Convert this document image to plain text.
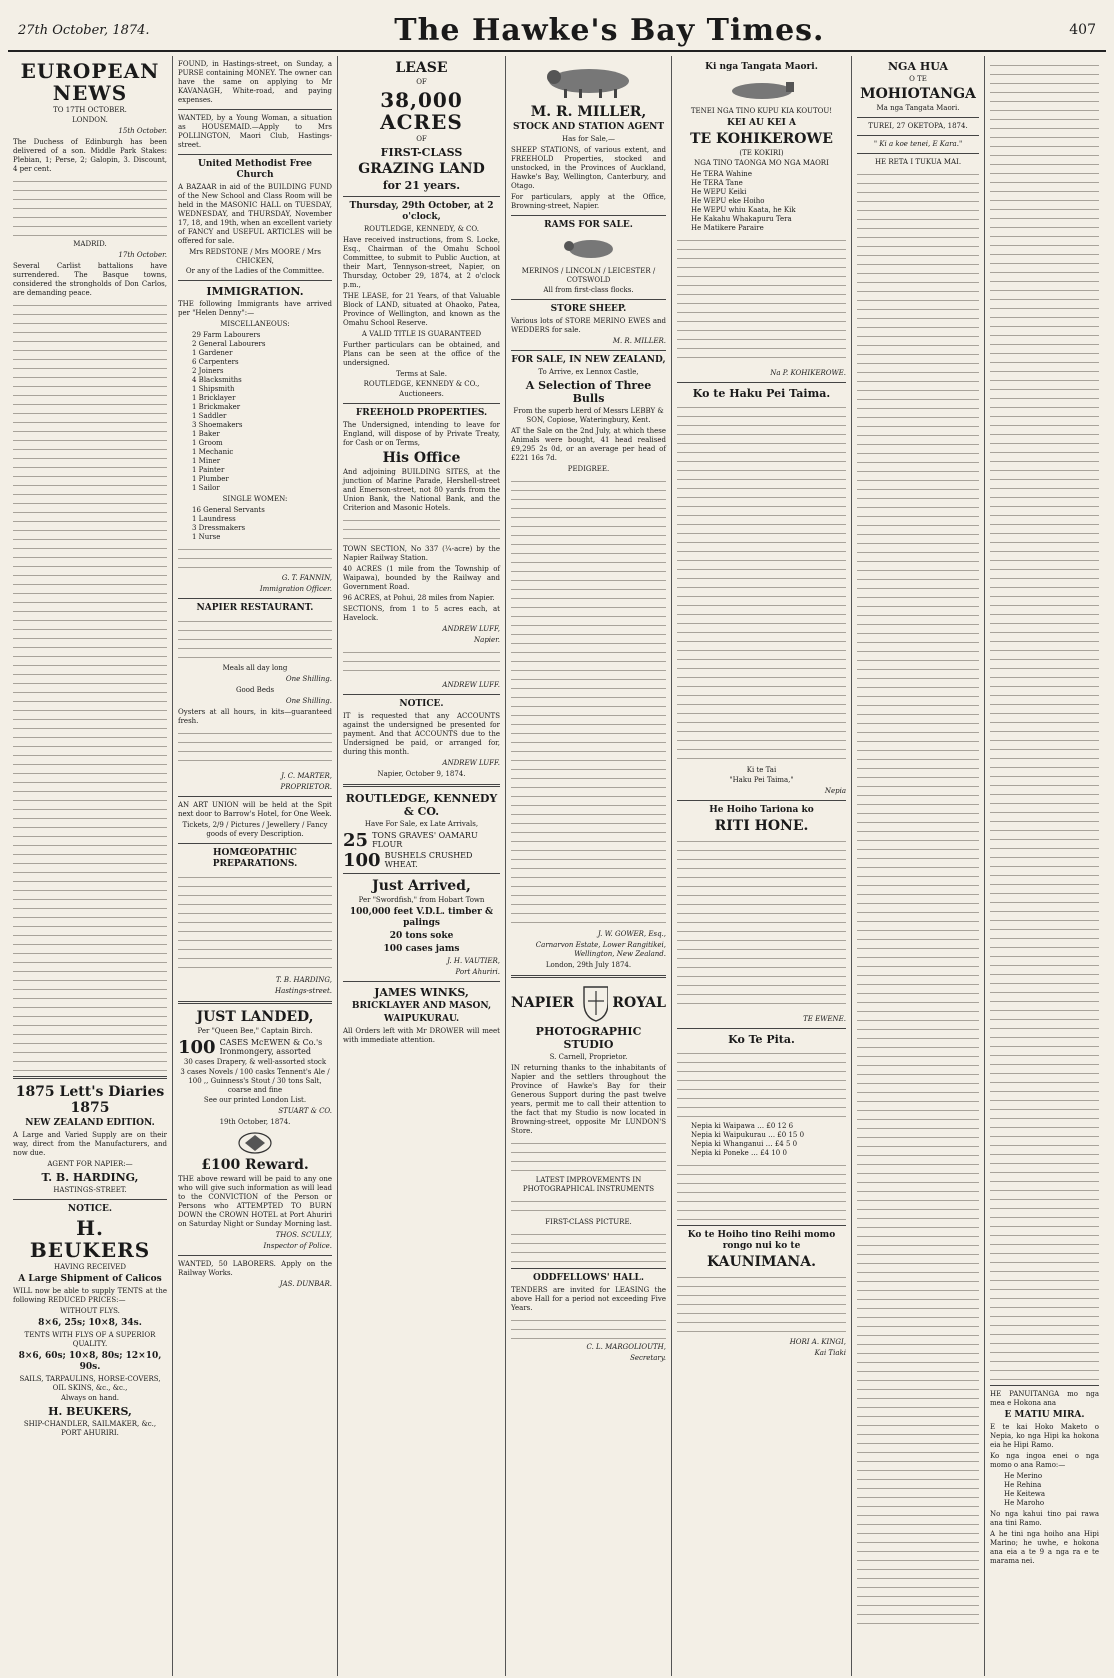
27th October, 1874.	The Hawke's Bay Times.	407
EUROPEAN NEWS
TO 17TH OCTOBER.
LONDON.
15th October.
The Duchess of Edinburgh has been delivered of a son. Middle Park Stakes: Plebian, 1; Perse, 2; Galopin, 3. Discount, 4 per cent.
MADRID.
17th October.
Several Carlist battalions have surrendered. The Basque towns, considered the strongholds of Don Carlos, are demanding peace.
1875 Lett's Diaries 1875
NEW ZEALAND EDITION.
A Large and Varied Supply are on their way, direct from the Manufacturers, and now due.
AGENT FOR NAPIER:—
T. B. HARDING,
HASTINGS-STREET.
NOTICE.
H. BEUKERS
HAVING RECEIVED
A Large Shipment of Calicos
WILL now be able to supply TENTS at the following REDUCED PRICES:—
WITHOUT FLYS.
8×6, 25s; 10×8, 34s.
TENTS WITH FLYS OF A SUPERIOR QUALITY.
8×6, 60s; 10×8, 80s; 12×10, 90s.
SAILS, TARPAULINS, HORSE-COVERS, OIL SKINS, &c., &c.,
Always on hand.
H. BEUKERS,
SHIP-CHANDLER, SAILMAKER, &c., PORT AHURIRI.
FOUND, in Hastings-street, on Sunday, a PURSE containing MONEY. The owner can have the same on applying to Mr KAVANAGH, White-road, and paying expenses.
WANTED, by a Young Woman, a situation as HOUSEMAID.—Apply to Mrs POLLINGTON, Maori Club, Hastings-street.
United Methodist Free Church
A BAZAAR in aid of the BUILDING FUND of the New School and Class Room will be held in the MASONIC HALL on TUESDAY, WEDNESDAY, and THURSDAY, November 17, 18, and 19th, when an excellent variety of FANCY and USEFUL ARTICLES will be offered for sale.
Mrs REDSTONE / Mrs MOORE / Mrs CHICKEN,
Or any of the Ladies of the Committee.
IMMIGRATION.
THE following Immigrants have arrived per "Helen Denny":—
MISCELLANEOUS:
29 Farm Labourers
2 General Labourers
1 Gardener
6 Carpenters
2 Joiners
4 Blacksmiths
1 Shipsmith
1 Bricklayer
1 Brickmaker
1 Saddler
3 Shoemakers
1 Baker
1 Groom
1 Mechanic
1 Miner
1 Painter
1 Plumber
1 Sailor
SINGLE WOMEN:
16 General Servants
1 Laundress
3 Dressmakers
1 Nurse
G. T. FANNIN,
Immigration Officer.
NAPIER RESTAURANT.
Meals all day long
One Shilling.
Good Beds
One Shilling.
Oysters at all hours, in kits—guaranteed fresh.
J. C. MARTER,
PROPRIETOR.
AN ART UNION will be held at the Spit next door to Barrow's Hotel, for One Week.
Tickets, 2/9 / Pictures / Jewellery / Fancy goods of every Description.
HOMŒOPATHIC PREPARATIONS.
T. B. HARDING,
Hastings-street.
JUST LANDED,
Per "Queen Bee," Captain Birch.
100 CASES McEWEN & Co.'s Ironmongery, assorted
30 cases Drapery, & well-assorted stock
3 cases Novels / 100 casks Tennent's Ale / 100 ,, Guinness's Stout / 30 tons Salt, coarse and fine
See our printed London List.
STUART & CO.
19th October, 1874.
£100 Reward.
THE above reward will be paid to any one who will give such information as will lead to the CONVICTION of the Person or Persons who ATTEMPTED TO BURN DOWN the CROWN HOTEL at Port Ahuriri on Saturday Night or Sunday Morning last.
THOS. SCULLY,
Inspector of Police.
WANTED, 50 LABORERS. Apply on the Railway Works.
JAS. DUNBAR.
LEASE
OF
38,000 ACRES
OF
FIRST-CLASS
GRAZING LAND
for 21 years.
Thursday, 29th October, at 2 o'clock,
ROUTLEDGE, KENNEDY, & CO.
Have received instructions, from S. Locke, Esq., Chairman of the Omahu School Committee, to submit to Public Auction, at their Mart, Tennyson-street, Napier, on Thursday, October 29, 1874, at 2 o'clock p.m.,
THE LEASE, for 21 Years, of that Valuable Block of LAND, situated at Ohaoko, Patea, Province of Wellington, and known as the Omahu School Reserve.
A VALID TITLE IS GUARANTEED
Further particulars can be obtained, and Plans can be seen at the office of the undersigned.
Terms at Sale.
ROUTLEDGE, KENNEDY & CO.,
Auctioneers.
FREEHOLD PROPERTIES.
The Undersigned, intending to leave for England, will dispose of by Private Treaty, for Cash or on Terms,
His Office
And adjoining BUILDING SITES, at the junction of Marine Parade, Hershell-street and Emerson-street, not 80 yards from the Union Bank, the National Bank, and the Criterion and Masonic Hotels.
TOWN SECTION, No 337 (¼-acre) by the Napier Railway Station.
40 ACRES (1 mile from the Township of Waipawa), bounded by the Railway and Government Road.
96 ACRES, at Pohui, 28 miles from Napier.
SECTIONS, from 1 to 5 acres each, at Havelock.
ANDREW LUFF,
Napier.
ANDREW LUFF.
NOTICE.
IT is requested that any ACCOUNTS against the undersigned be presented for payment. And that ACCOUNTS due to the Undersigned be paid, or arranged for, during this month.
ANDREW LUFF.
Napier, October 9, 1874.
ROUTLEDGE, KENNEDY & CO.
Have For Sale, ex Late Arrivals,
25 TONS GRAVES' OAMARU FLOUR
100 BUSHELS CRUSHED WHEAT.
Just Arrived,
Per "Swordfish," from Hobart Town
100,000 feet V.D.L. timber & palings
20 tons soke
100 cases jams
J. H. VAUTIER,
Port Ahuriri.
JAMES WINKS,
BRICKLAYER AND MASON,
WAIPUKURAU.
All Orders left with Mr DROWER will meet with immediate attention.
M. R. MILLER,
STOCK AND STATION AGENT
Has for Sale,—
SHEEP STATIONS, of various extent, and FREEHOLD Properties, stocked and unstocked, in the Provinces of Auckland, Hawke's Bay, Wellington, Canterbury, and Otago.
For particulars, apply at the Office, Browning-street, Napier.
RAMS FOR SALE.
MERINOS / LINCOLN / LEICESTER / COTSWOLD
All from first-class flocks.
STORE SHEEP.
Various lots of STORE MERINO EWES and WEDDERS for sale.
M. R. MILLER.
FOR SALE, IN NEW ZEALAND,
To Arrive, ex Lennox Castle,
A Selection of Three Bulls
From the superb herd of Messrs LEBBY & SON, Copiose, Wateringbury, Kent.
AT the Sale on the 2nd July, at which these Animals were bought, 41 head realised £9,295 2s 0d, or an average per head of £221 16s 7d.
PEDIGREE.
J. W. GOWER, Esq.,
Carnarvon Estate, Lower Rangitikei, Wellington, New Zealand.
London, 29th July 1874.
NAPIER	ROYAL
PHOTOGRAPHIC STUDIO
S. Carnell, Proprietor.
IN returning thanks to the inhabitants of Napier and the settlers throughout the Province of Hawke's Bay for their Generous Support during the past twelve years, permit me to call their attention to the fact that my Studio is now located in Browning-street, opposite Mr LUNDON'S Store.
LATEST IMPROVEMENTS IN PHOTOGRAPHICAL INSTRUMENTS
FIRST-CLASS PICTURE.
ODDFELLOWS' HALL.
TENDERS are invited for LEASING the above Hall for a period not exceeding Five Years.
C. L. MARGOLIOUTH,
Secretary.
Ki nga Tangata Maori.
TENEI NGA TINO KUPU KIA KOUTOU!
KEI AU KEI A
TE KOHIKEROWE
(TE KOKIRI)
NGA TINO TAONGA MO NGA MAORI
He TERA Wahine
He TERA Tane
He WEPU Keiki
He WEPU eke Hoiho
He WEPU whiu Kaata, he Kik
He Kakahu Whakapuru Tera
He Matikere Paraire
Na P. KOHIKEROWE.
Ko te Haku Pei Taima.
Ki te Tai
"Haku Pei Taima,"
Nepia
He Hoiho Tariona ko
RITI HONE.
TE EWENE.
Ko Te Pita.
Nepia ki Waipawa … £0 12 6
Nepia ki Waipukurau … £0 15 0
Nepia ki Whanganui … £4 5 0
Nepia ki Poneke … £4 10 0
Ko te Hoiho tino Reihi momo rongo nui ko te
KAUNIMANA.
HORI A. KINGI,
Kai Tiaki
NGA HUA
O TE
MOHIOTANGA
Ma nga Tangata Maori.
TUREI, 27 OKETOPA, 1874.
" Ki a koe tenei, E Kara."
HE RETA I TUKUA MAI.
HE PANUITANGA mo nga mea e Hokona ana
E MATIU MIRA.
E te kai Hoko Maketo o Nepia, ko nga Hipi ka hokona eia he Hipi Ramo.
Ko nga ingoa enei o nga momo o ana Ramo:—
He Merino
He Rehina
He Keitewa
He Maroho
No nga kahui tino pai rawa ana tini Ramo.
A he tini nga hoiho ana Hipi Marino; he uwhe, e hokona ana eia a te 9 a nga ra e te marama nei.
